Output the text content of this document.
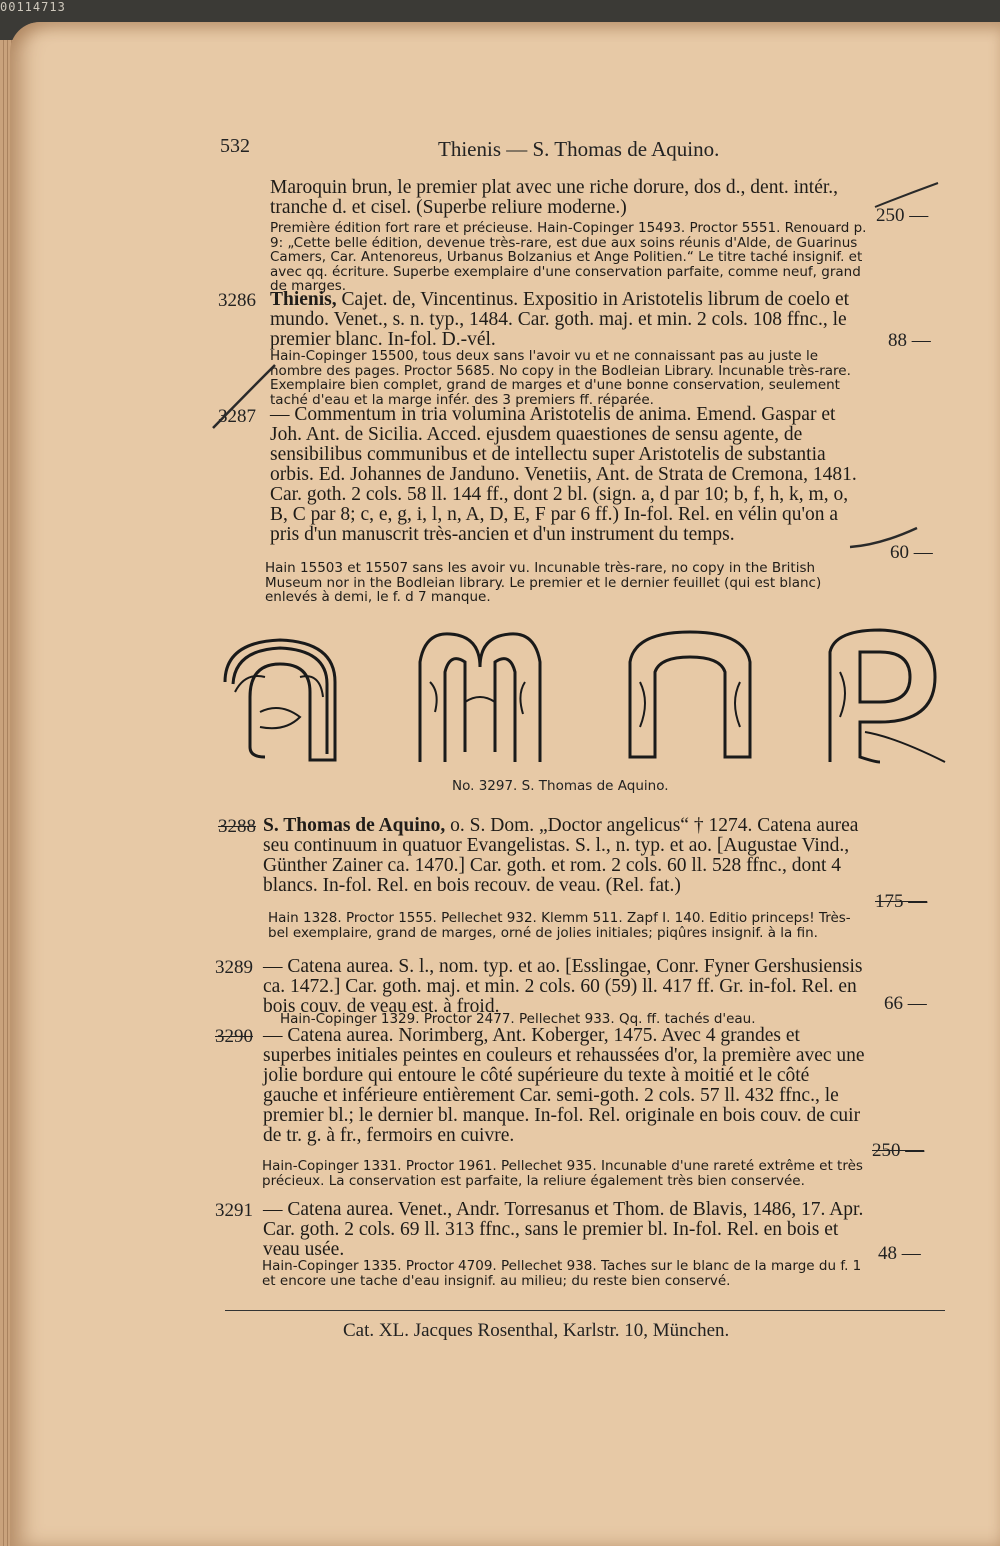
00114713
532	Thienis — S. Thomas de Aquino.
Maroquin brun, le premier plat avec une riche dorure, dos d., dent. intér., tranche d. et cisel. (Superbe reliure moderne.)
Première édition fort rare et précieuse. Hain-Copinger 15493. Proctor 5551. Renouard p. 9: „Cette belle édition, devenue très-rare, est due aux soins réunis d'Alde, de Guarinus Camers, Car. Antenoreus, Urbanus Bolzanius et Ange Politien.“ Le titre taché insignif. et avec qq. écriture. Superbe exemplaire d'une conservation parfaite, comme neuf, grand de marges.
250 —
3286 Thienis, Cajet. de, Vincentinus. Expositio in Aristotelis librum de coelo et mundo. Venet., s. n. typ., 1484. Car. goth. maj. et min. 2 cols. 108 ffnc., le premier blanc. In-fol. D.-vél.
Hain-Copinger 15500, tous deux sans l'avoir vu et ne connaissant pas au juste le nombre des pages. Proctor 5685. No copy in the Bodleian Library. Incunable très-rare. Exemplaire bien complet, grand de marges et d'une bonne conservation, seulement taché d'eau et la marge infér. des 3 premiers ff. réparée.
88 —
3287 — Commentum in tria volumina Aristotelis de anima. Emend. Gaspar et Joh. Ant. de Sicilia. Acced. ejusdem quaestiones de sensu agente, de sensibilibus communibus et de intellectu super Aristotelis de substantia orbis. Ed. Johannes de Janduno. Venetiis, Ant. de Strata de Cremona, 1481. Car. goth. 2 cols. 58 ll. 144 ff., dont 2 bl. (sign. a, d par 10; b, f, h, k, m, o, B, C par 8; c, e, g, i, l, n, A, D, E, F par 6 ff.) In-fol. Rel. en vélin qu'on a pris d'un manuscrit très-ancien et d'un instrument du temps.
Hain 15503 et 15507 sans les avoir vu. Incunable très-rare, no copy in the British Museum nor in the Bodleian library. Le premier et le dernier feuillet (qui est blanc) enlevés à demi, le f. d 7 manque.
60 —
No. 3297. S. Thomas de Aquino.
3288 S. Thomas de Aquino, o. S. Dom. „Doctor angelicus“ † 1274. Catena aurea seu continuum in quatuor Evangelistas. S. l., n. typ. et ao. [Augustae Vind., Günther Zainer ca. 1470.] Car. goth. et rom. 2 cols. 60 ll. 528 ffnc., dont 4 blancs. In-fol. Rel. en bois recouv. de veau. (Rel. fat.)
Hain 1328. Proctor 1555. Pellechet 932. Klemm 511. Zapf I. 140. Editio princeps! Très-bel exemplaire, grand de marges, orné de jolies initiales; piqûres insignif. à la fin.
175 —
3289 — Catena aurea. S. l., nom. typ. et ao. [Esslingae, Conr. Fyner Gershusiensis ca. 1472.] Car. goth. maj. et min. 2 cols. 60 (59) ll. 417 ff. Gr. in-fol. Rel. en bois couv. de veau est. à froid.
Hain-Copinger 1329. Proctor 2477. Pellechet 933. Qq. ff. tachés d'eau.
66 —
3290 — Catena aurea. Norimberg, Ant. Koberger, 1475. Avec 4 grandes et superbes initiales peintes en couleurs et rehaussées d'or, la première avec une jolie bordure qui entoure le côté supérieure du texte à moitié et le côté gauche et inférieure entièrement Car. semi-goth. 2 cols. 57 ll. 432 ffnc., le premier bl.; le dernier bl. manque. In-fol. Rel. originale en bois couv. de cuir de tr. g. à fr., fermoirs en cuivre.
Hain-Copinger 1331. Proctor 1961. Pellechet 935. Incunable d'une rareté extrême et très précieux. La conservation est parfaite, la reliure également très bien conservée.
250 —
3291 — Catena aurea. Venet., Andr. Torresanus et Thom. de Blavis, 1486, 17. Apr. Car. goth. 2 cols. 69 ll. 313 ffnc., sans le premier bl. In-fol. Rel. en bois et veau usée.
Hain-Copinger 1335. Proctor 4709. Pellechet 938. Taches sur le blanc de la marge du f. 1 et encore une tache d'eau insignif. au milieu; du reste bien conservé.
48 —
Cat. XL. Jacques Rosenthal, Karlstr. 10, München.
